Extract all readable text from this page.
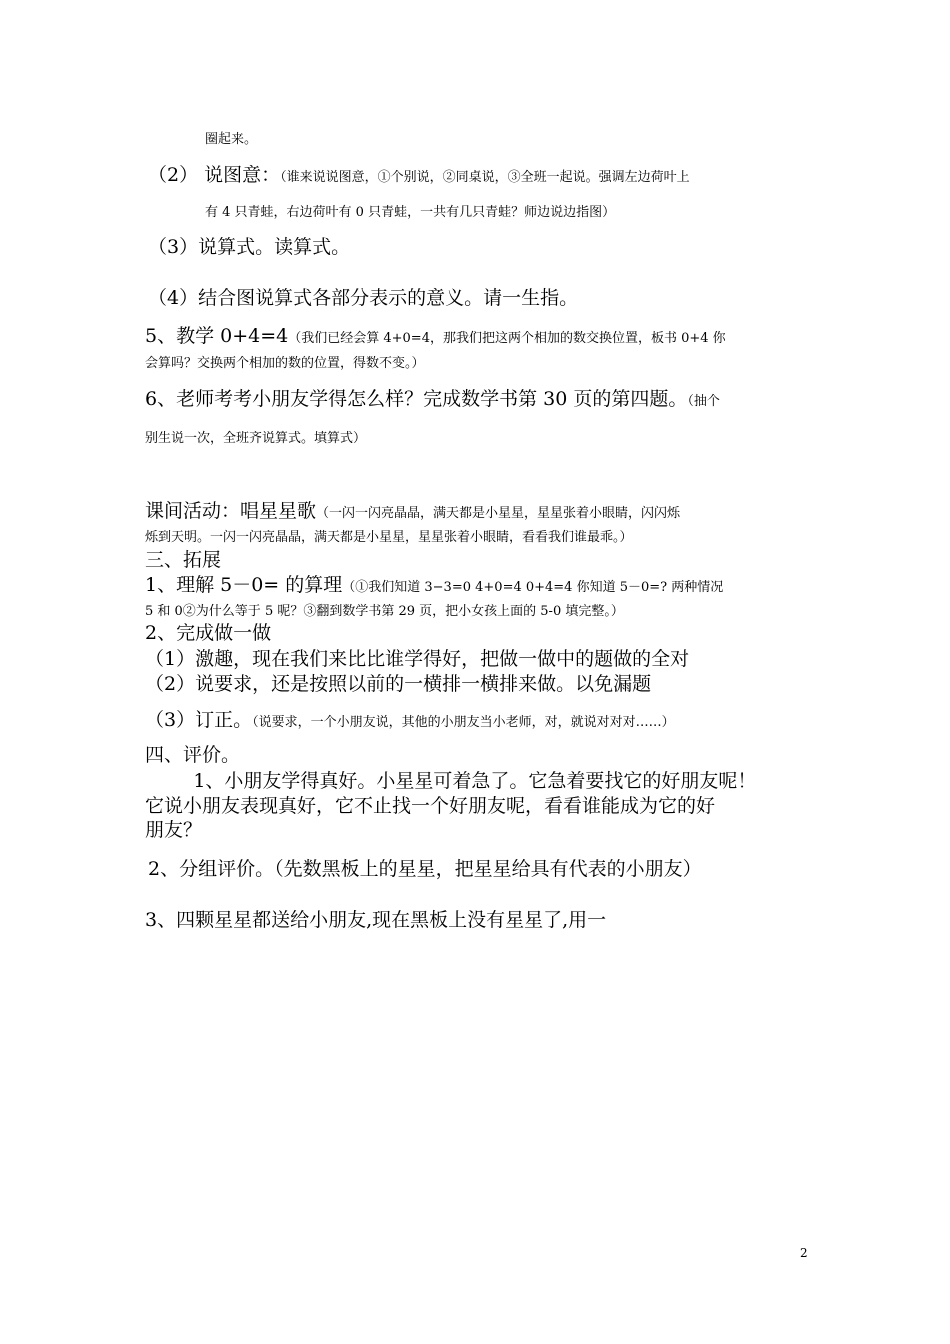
圈起来。
（2） 说图意：（谁来说说图意，①个别说，②同桌说，③全班一起说。强调左边荷叶上
有 4 只青蛙，右边荷叶有 0 只青蛙，一共有几只青蛙？师边说边指图）
（3）说算式。读算式。
（4）结合图说算式各部分表示的意义。请一生指。
5、教学 0+4=4（我们已经会算 4+0=4，那我们把这两个相加的数交换位置，板书 0+4 你
会算吗？交换两个相加的数的位置，得数不变。）
6、老师考考小朋友学得怎么样？完成数学书第 30 页的第四题。（抽个
别生说一次，全班齐说算式。填算式）
课间活动：唱星星歌（一闪一闪亮晶晶，满天都是小星星，星星张着小眼睛，闪闪烁
烁到天明。一闪一闪亮晶晶，满天都是小星星，星星张着小眼睛，看看我们谁最乖。）
三、拓展
1、理解 5－0= 的算理（①我们知道 3−3=0 4+0=4 0+4=4 你知道 5－0=? 两种情况
5 和 0②为什么等于 5 呢？③翻到数学书第 29 页，把小女孩上面的 5-0 填完整。）
2、完成做一做
（1）激趣，现在我们来比比谁学得好，把做一做中的题做的全对
（2）说要求，还是按照以前的一横排一横排来做。以免漏题
（3）订正。（说要求，一个小朋友说，其他的小朋友当小老师，对，就说对对对……）
四、评价。
1、小朋友学得真好。小星星可着急了。它急着要找它的好朋友呢！
它说小朋友表现真好，它不止找一个好朋友呢，看看谁能成为它的好
朋友？
2、分组评价。（先数黑板上的星星，把星星给具有代表的小朋友）
3、四颗星星都送给小朋友,现在黑板上没有星星了,用一
2
